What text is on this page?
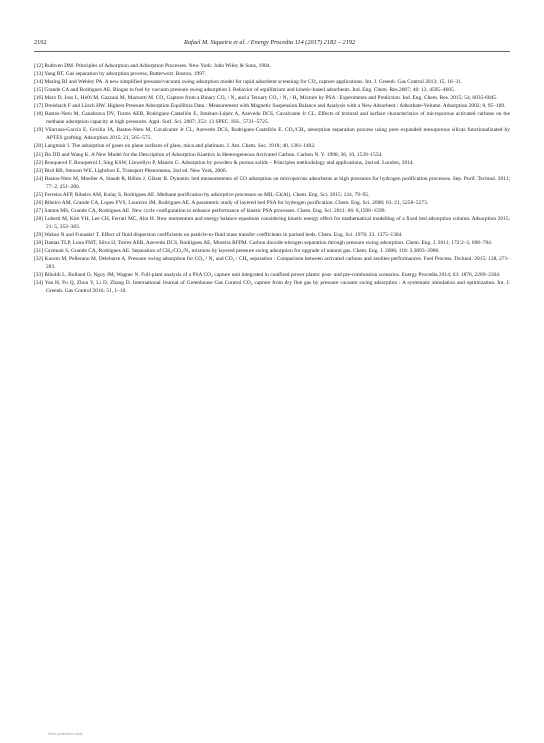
2192	Rafael M. Siqueira et al. / Energy Procedia 114 (2017) 2182 – 2192
[12] Ruthven DM. Principles of Adsorption and Adsorption Processes. New York: John Wiley & Sons, 1984.
[13] Yang RT, Gas separation by adsorption process, Butterwort. Boston, 1997.
[14] Maring BJ and Webley PA. A new simplified pressure/vacuum swing adsorption model for rapid adsorbent screening for CO₂ capture applications. Int. J. Greenh. Gas Control 2013; 15, 16–31.
[15] Grande CA and Rodrigues AE. Biogas to fuel by vacuum pressure swing adsorption I. Behavior of equilibrium and kinetic-based adsorbents. Ind. Eng. Chem. Res.2007; 46: 13, 4595–4605.
[16] Marx D, Joss L, Hefti M, Gazzani M, Mazzotti M. CO₂ Capture from a Binary CO₂ / N₂ and a Ternary CO₂ / N₂ / H₂ Mixture by PSA : Experiments and Prediction. Ind. Eng. Chem. Res. 2015; 54, 6035-6045.
[17] Dreisbach F and Lösch HW. Highest Pressure Adsorption Equilibria Data : Measurement with Magnetic Suspension Balance and Analysis with a New Adsorbent / Adsorbate-Volume. Adsorption 2002; 8, 95–109.
[18] Bastos-Neto M, Canabrava DV, Torres AEB, Rodriguez-Castellón E, Jiménez-López A, Azevedo DCS, Cavalcante Jr CL. Effects of textural and surface characteristics of microporous activated carbons on the methane adsorption capacity at high pressures. Appl. Surf. Sci. 2007; 253: 13 SPEC. ISS., 5721–5725.
[19] Vilarrasa-García E, Cecilia JA, Bastos-Neto M, Cavalcante Jr CL, Azevedo DCS, Rodriguez-Castellón E. CO₂/CH₄ adsorption separation process using pore expanded mesoporous silicas functionalizated by APTES grafting. Adsorption 2015; 21, 565–575.
[20] Langmuir I. The adsorption of gases on plane surfaces of glass, mica and platinum. J. Am. Chem. Soc. 1918; 40, 1361-1402.
[21] Do DD and Wang K. A New Model for the Description of Adsorption Kinetics in Heterogeneous Activated Carbon. Carbon N. Y. 1998; 36, 10, 1539–1554.
[22] Rouquerol F, Rouquerol J, Sing KSW, Llewellyn P, Maurin G. Adsorption by powders & porous solids – Principles methodology and applications, 2nd ed. London, 2014.
[23] Bird RB, Stewart WE, Lightfoot E, Transport Phenomena, 2nd ed. New York, 2006.
[24] Bastos-Neto M, Moeller A, Staudt R, Böhm J, Gläser R. Dynamic bed measurements of CO adsorption on microporous adsorbents at high pressures for hydrogen purification processes. Sep. Purif. Technol. 2011; 77: 2, 251–260.
[25] Ferreira AFP, Ribeiro AM, Kulaç S, Rodrigues AE. Methane purification by adsorptive processes on MIL-53(Al). Chem. Eng. Sci. 2015; 124, 79–95.
[26] Ribeiro AM, Grande CA, Lopes FVS, Loureiro JM, Rodrigues AE. A parametric study of layered bed PSA for hydrogen purification. Chem. Eng. Sci. 2008; 63: 21, 5258–5273.
[27] Santos MS, Grande CA, Rodrigues AE. New cycle configuration to enhance performance of kinetic PSA processes. Chem. Eng. Sci. 2011; 66: 8,1590–1599.
[28] Luberti M, Kim YH, Lee CH, Ferrari MC, Ahn H. New momentum and energy balance equations considering kinetic energy effect for mathematical modelling of a fixed bed adsorption column. Adsorption 2015; 21: 5, 353–363.
[29] Wakao N and Funazkri T. Effect of fluid dispersion coefficients on particle-to-fluid mass transfer coefficients in packed beds. Chem. Eng. Sci. 1978; 33, 1375–1384.
[30] Dantas TLP, Luna FMT, Silva IJ, Torres AEB, Azevedo DCS, Rodrigues AE, Moreira RFPM. Carbon dioxide-nitrogen separation through pressure swing adsorption. Chem. Eng. J. 2011; 172:2–3, 698–704.
[31] Cavenati S, Grande CA, Rodrigues AE. Separation of CH₄/CO₂/N₂ mixtures by layered pressure swing adsorption for upgrade of natural gas. Chem. Eng. J. 2006; 118: 3,3893–3906.
[32] Kacem M, Pellerano M, Delebarre A. Pressure swing adsorption for CO₂ / N₂ and CO₂ / CH₄ separation : Comparison between activated carbons and zeolites performances. Fuel Process. Technol. 2015; 138, 271–283.
[33] Riboldi L, Bolland O, Ngoy JM, Wagner N. Full-plant analysis of a PSA CO₂ capture unit integrated in coalfired power plants: post- and pre-combustion scenarios. Energy Procedia 2014; 63: 1876, 2289–2304.
[34] Yan H, Fu Q, Zhou Y, Li D, Zhang D. International Journal of Greenhouse Gas Control CO₂ capture from dry flue gas by pressure vacuum swing adsorption : A systematic simulation and optimization. Int. J. Greenh. Gas Control 2016; 51, 1–10.
View publication stats
